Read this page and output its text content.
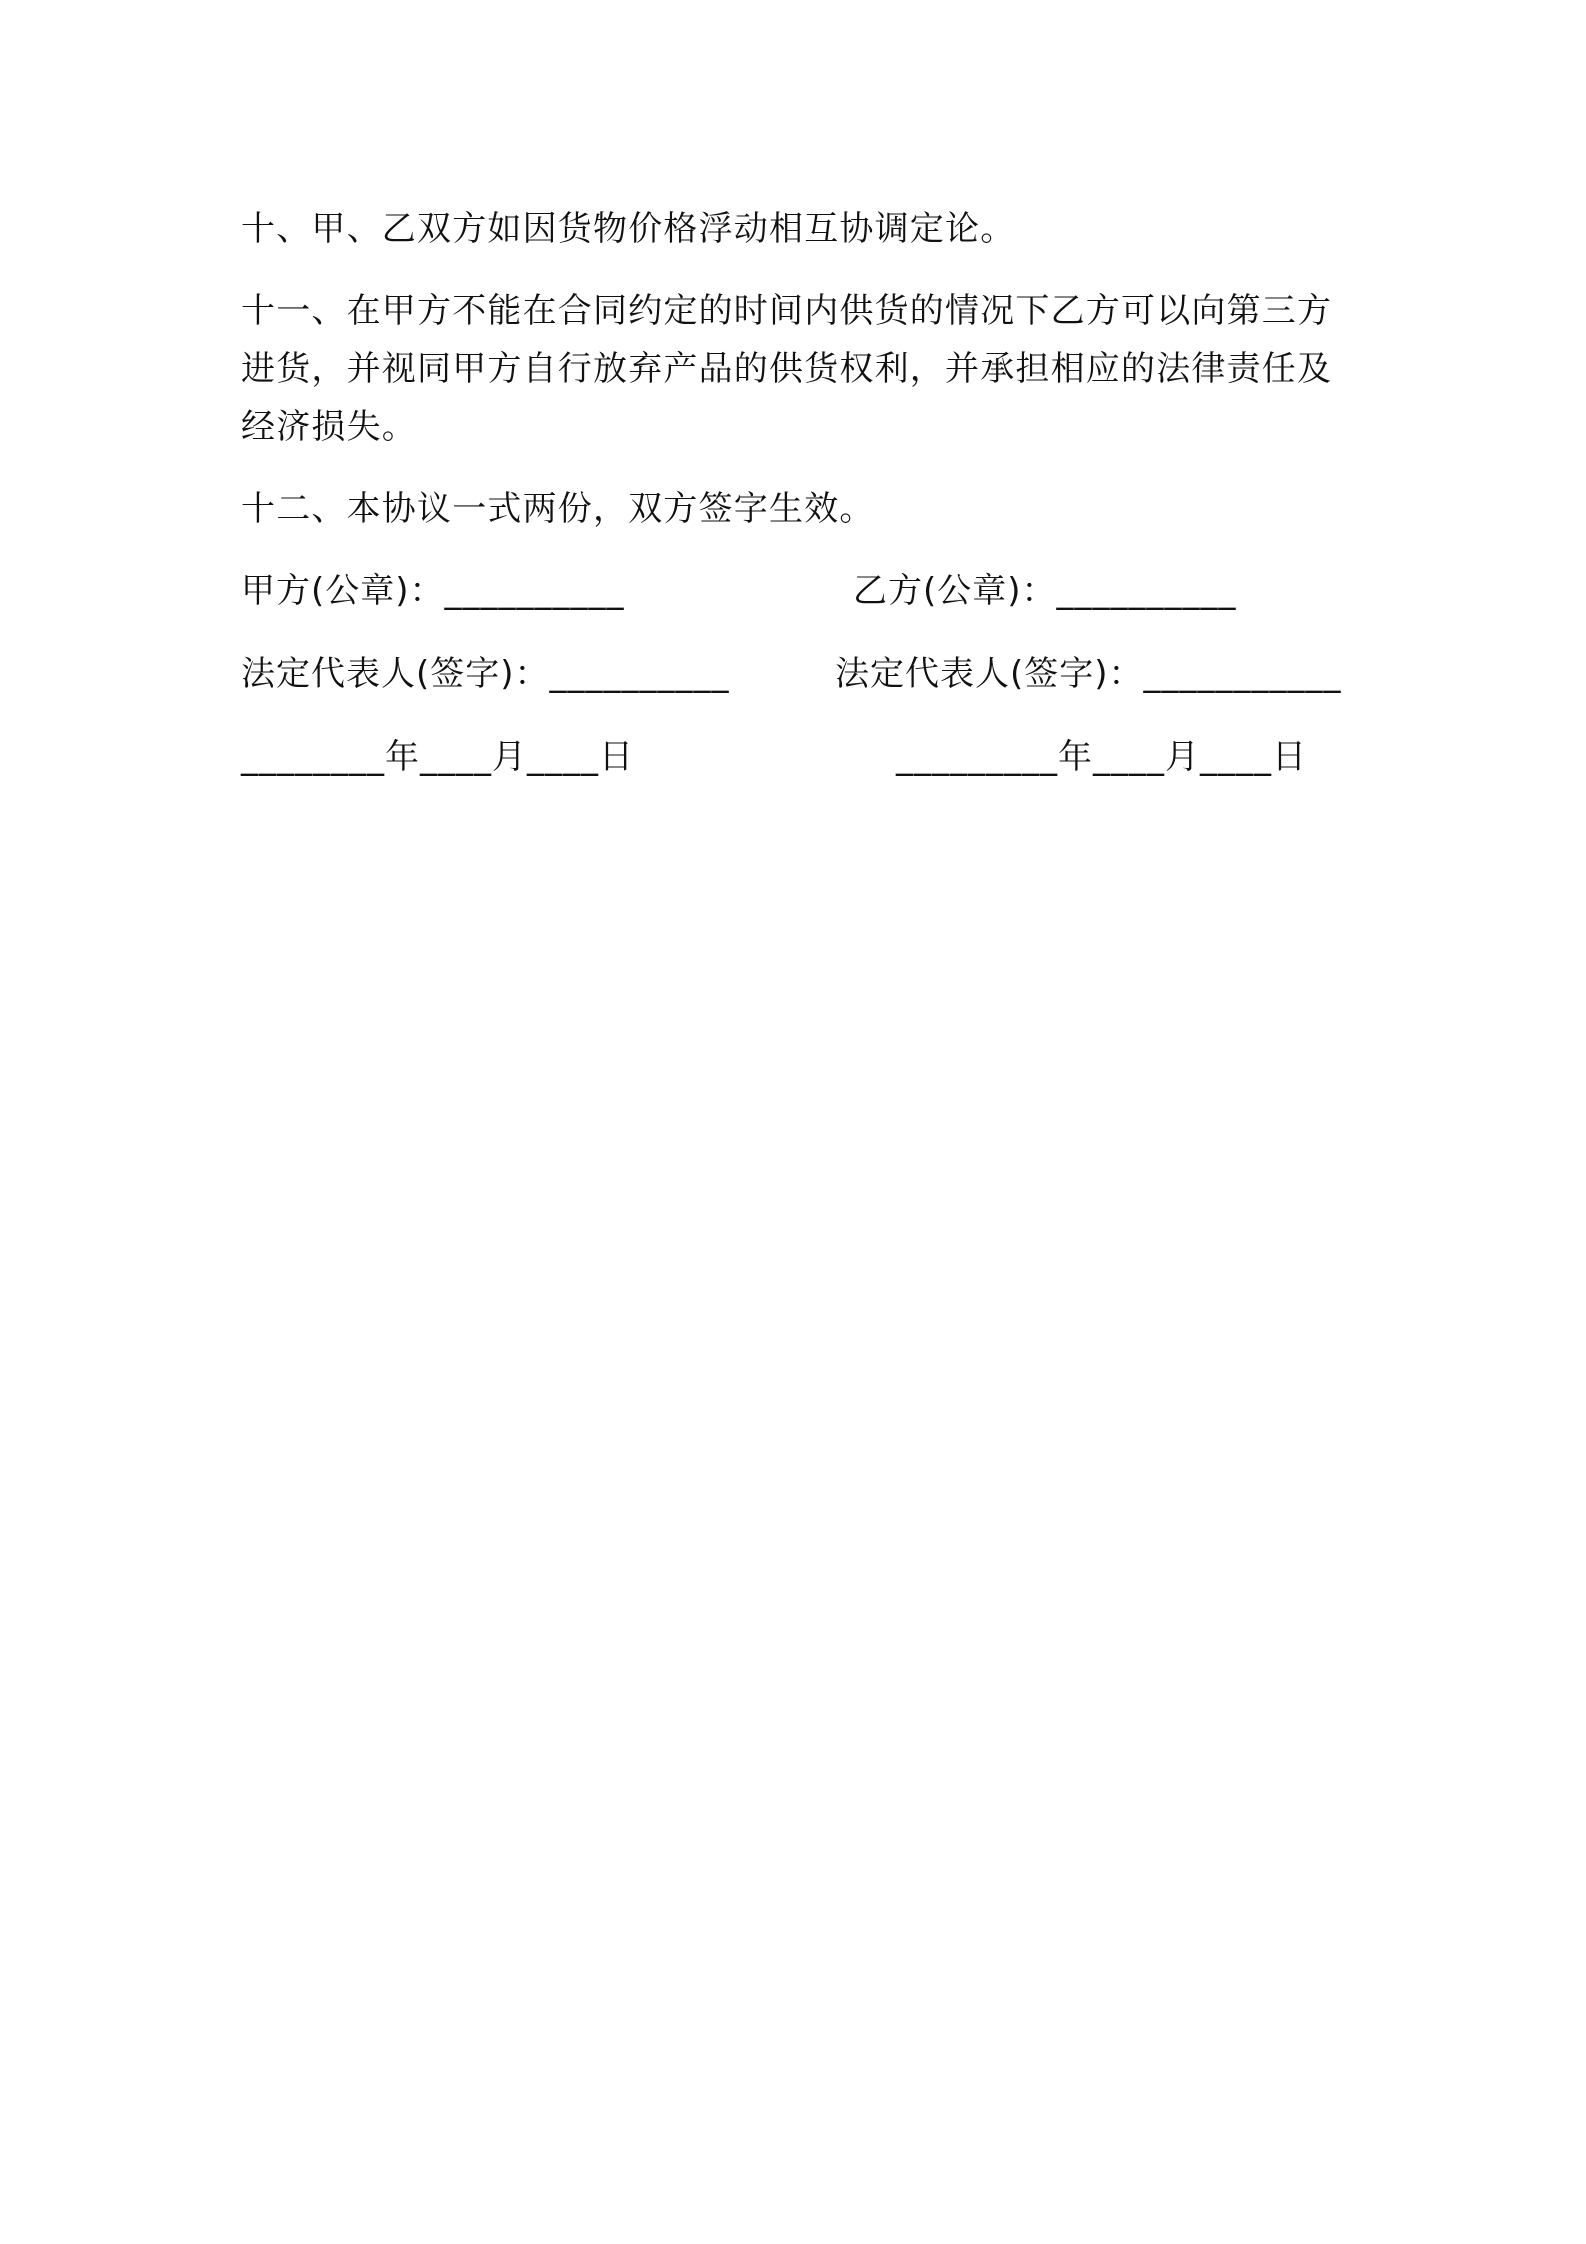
十、甲、乙双方如因货物价格浮动相互协调定论。

十一、在甲方不能在合同约定的时间内供货的情况下乙方可以向第三方进货，并视同甲方自行放弃产品的供货权利，并承担相应的法律责任及经济损失。

十二、本协议一式两份，双方签字生效。

甲方(公章)：__________	乙方(公章)：__________
法定代表人(签字)：__________	法定代表人(签字)：___________
________年____月____日	_________年____月____日
